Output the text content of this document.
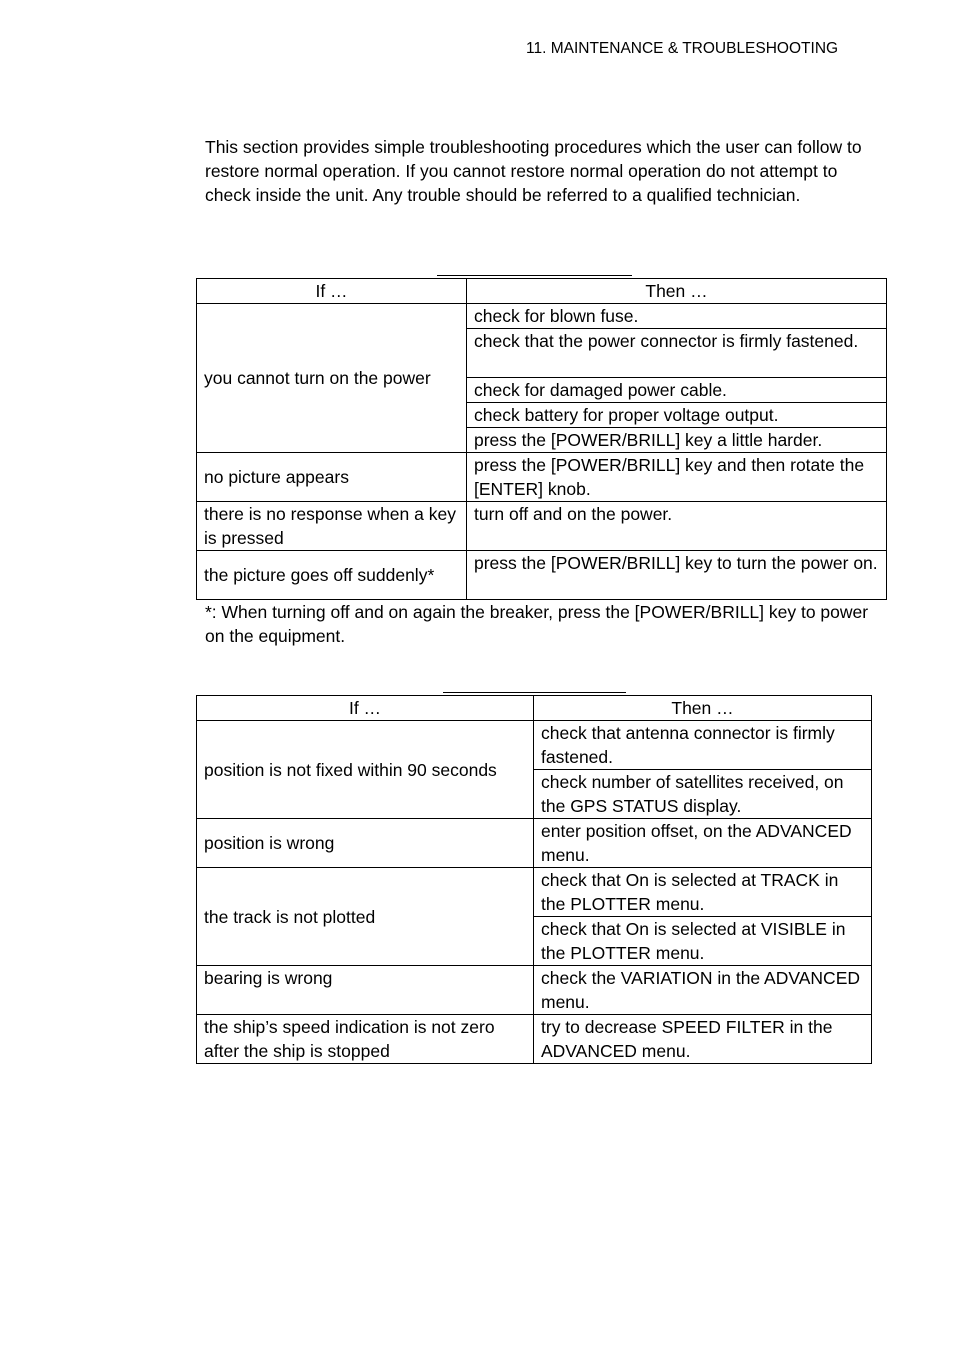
11. MAINTENANCE & TROUBLESHOOTING

This section provides simple troubleshooting procedures which the user can follow to restore normal operation. If you cannot restore normal operation do not attempt to check inside the unit. Any trouble should be referred to a qualified technician.

If …	Then …
you cannot turn on the power	check for blown fuse.
	check that the power connector is firmly fastened.
	check for damaged power cable.
	check battery for proper voltage output.
	press the [POWER/BRILL] key a little harder.
no picture appears	press the [POWER/BRILL] key and then rotate the [ENTER] knob.
there is no response when a key is pressed	turn off and on the power.
the picture goes off suddenly*	press the [POWER/BRILL] key to turn the power on.

*: When turning off and on again the breaker, press the [POWER/BRILL] key to power on the equipment.

If …	Then …
position is not fixed within 90 seconds	check that antenna connector is firmly fastened.
	check number of satellites received, on the GPS STATUS display.
position is wrong	enter position offset, on the ADVANCED menu.
the track is not plotted	check that On is selected at TRACK in the PLOTTER menu.
	check that On is selected at VISIBLE in the PLOTTER menu.
bearing is wrong	check the VARIATION in the ADVANCED menu.
the ship’s speed indication is not zero after the ship is stopped	try to decrease SPEED FILTER in the ADVANCED menu.
